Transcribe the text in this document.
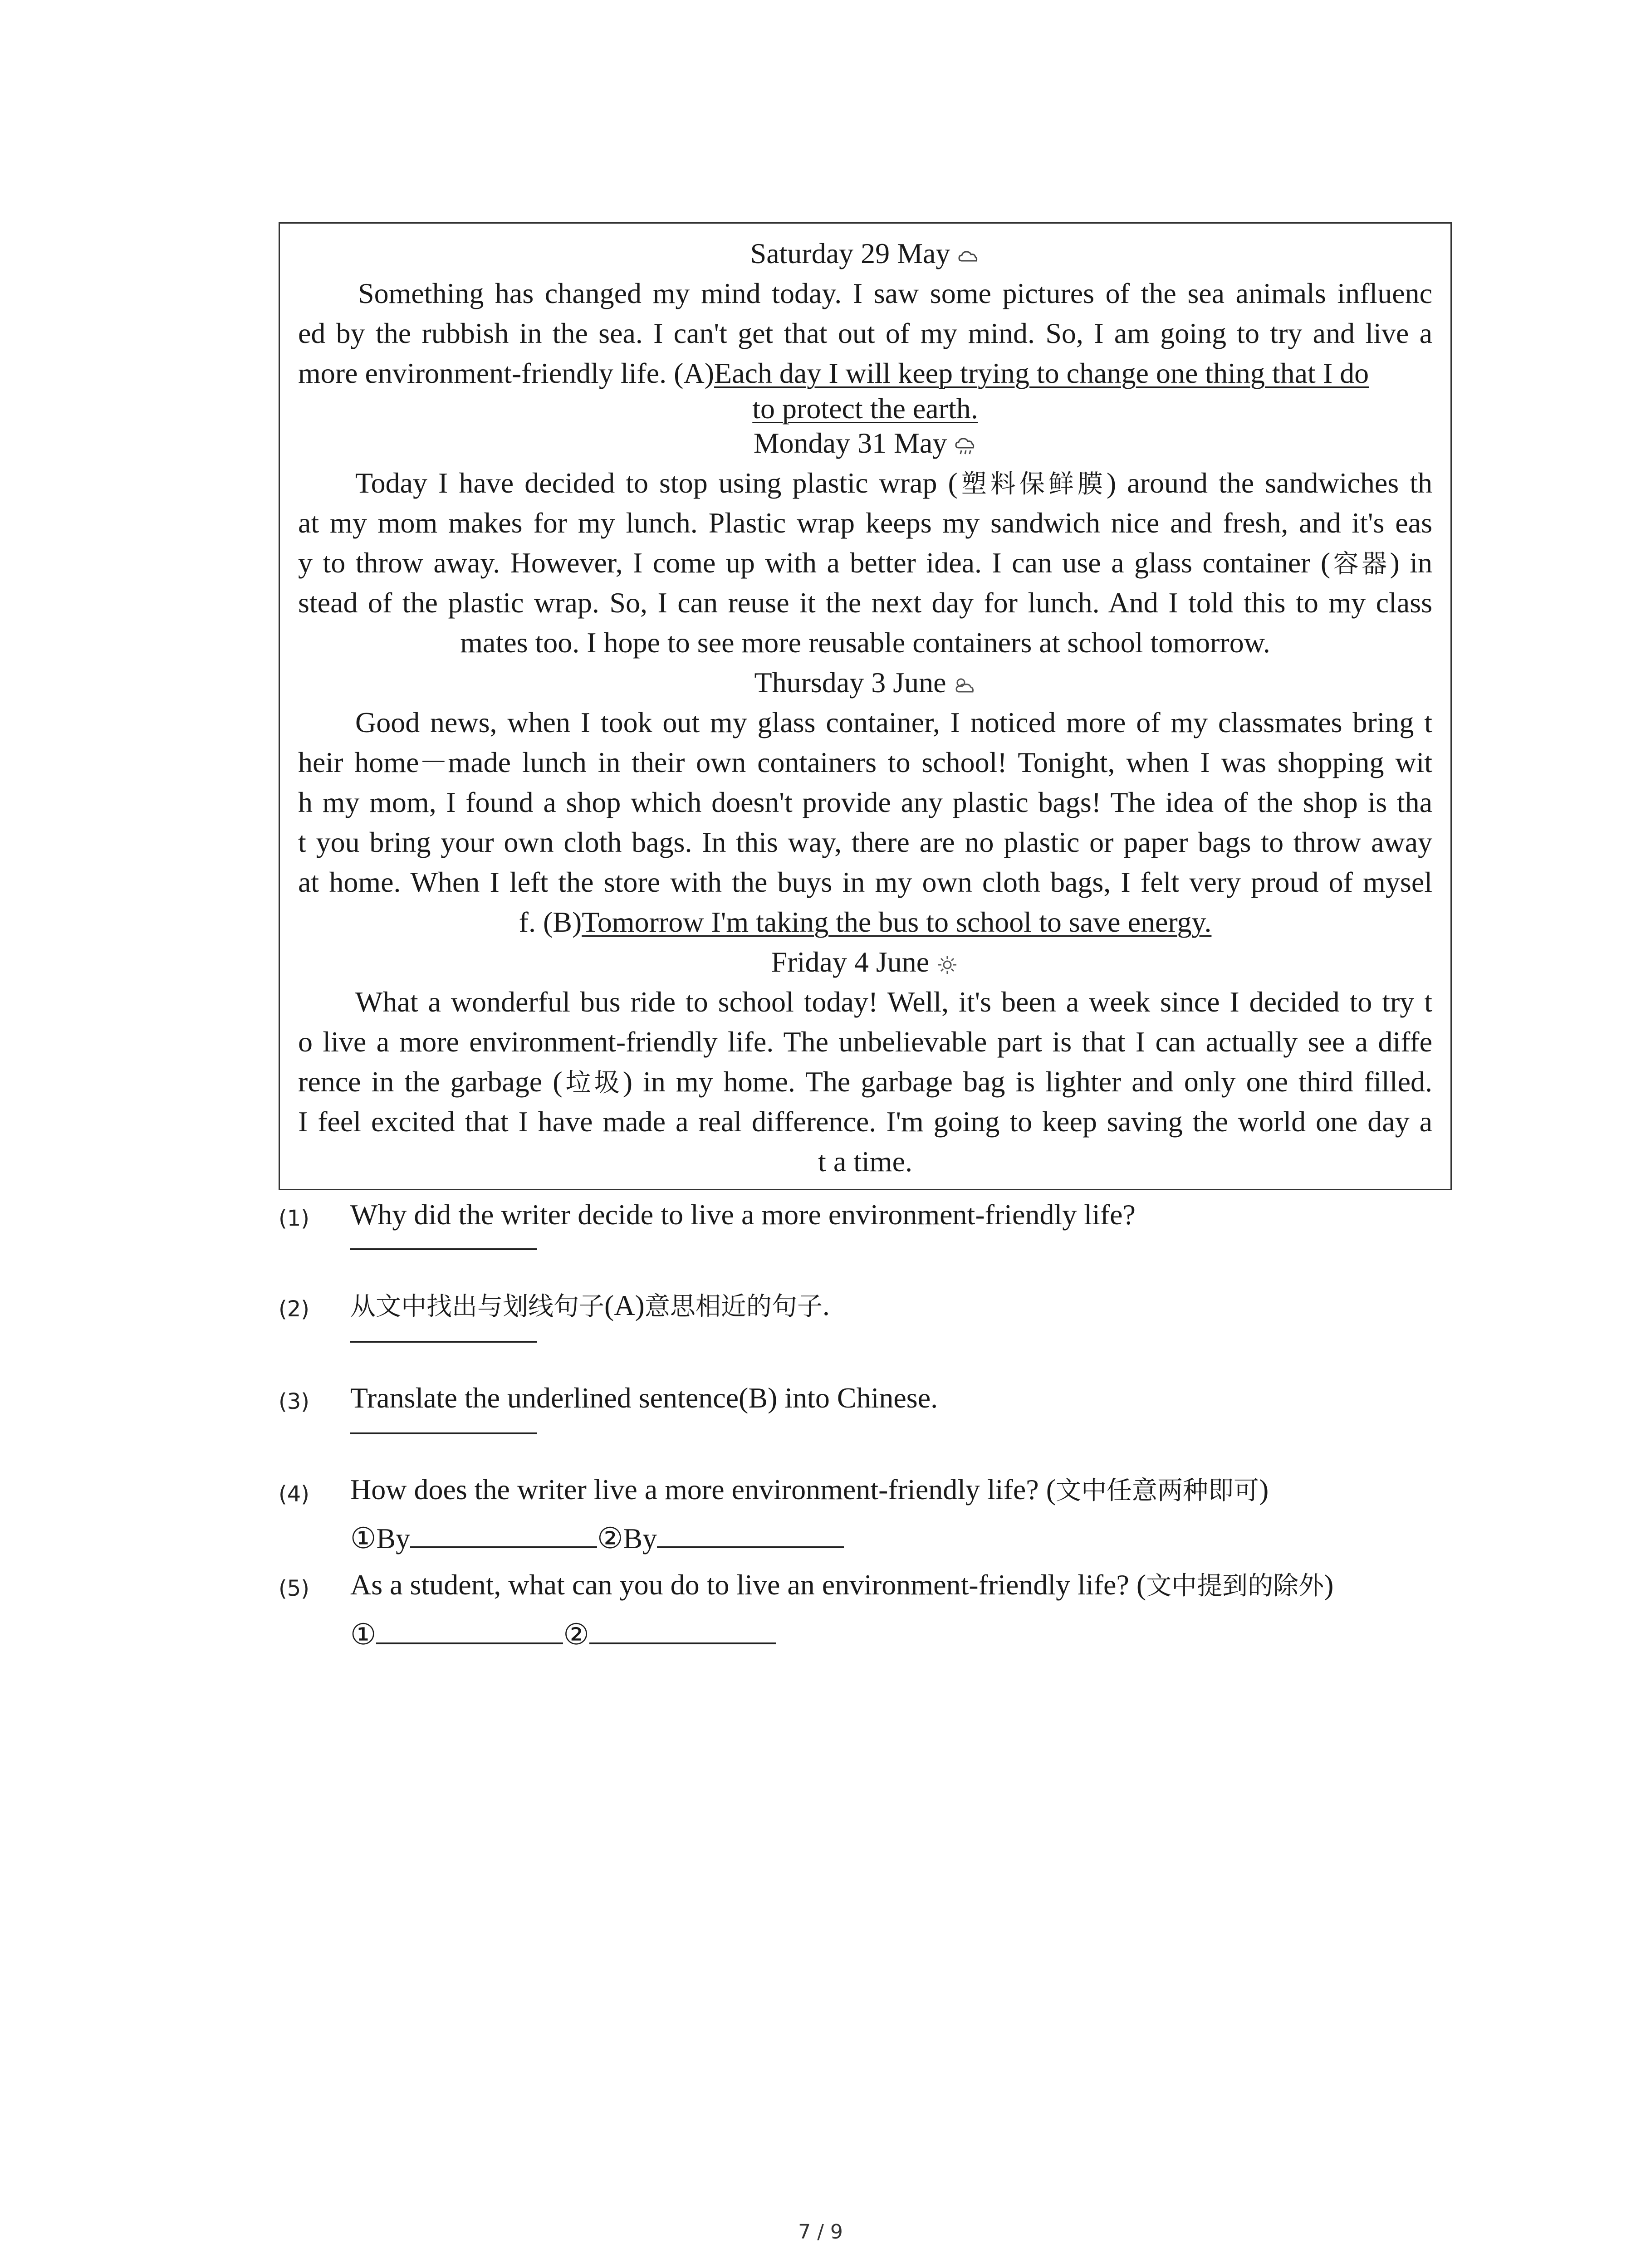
Saturday 29 May
Something has changed my mind today. I saw some pictures of the sea animals influenc
ed by the rubbish in the sea. I can't get that out of my mind. So, I am going to try and live a
more environment-friendly life. (A)Each day I will keep trying to change one thing that I do
to protect the earth.
Monday 31 May
Today I have decided to stop using plastic wrap (塑料保鲜膜) around the sandwiches th
at my mom makes for my lunch. Plastic wrap keeps my sandwich nice and fresh, and it's eas
y to throw away. However, I come up with a better idea. I can use a glass container (容器) in
stead of the plastic wrap. So, I can reuse it the next day for lunch. And I told this to my class
mates too. I hope to see more reusable containers at school tomorrow.
Thursday 3 June
Good news, when I took out my glass container, I noticed more of my classmates bring t
heir home－made lunch in their own containers to school! Tonight, when I was shopping wit
h my mom, I found a shop which doesn't provide any plastic bags! The idea of the shop is tha
t you bring your own cloth bags. In this way, there are no plastic or paper bags to throw away
at home. When I left the store with the buys in my own cloth bags, I felt very proud of mysel
f. (B)Tomorrow I'm taking the bus to school to save energy.
Friday 4 June
What a wonderful bus ride to school today! Well, it's been a week since I decided to try t
o live a more environment-friendly life. The unbelievable part is that I can actually see a diffe
rence in the garbage (垃圾) in my home. The garbage bag is lighter and only one third filled.
I feel excited that I have made a real difference. I'm going to keep saving the world one day a
t a time.
(1) Why did the writer decide to live a more environment-friendly life?
(2) 从文中找出与划线句子(A)意思相近的句子.
(3) Translate the underlined sentence(B) into Chinese.
(4) How does the writer live a more environment-friendly life? (文中任意两种即可)
①By	②By
(5) As a student, what can you do to live an environment-friendly life? (文中提到的除外)
①	②
7 / 9
